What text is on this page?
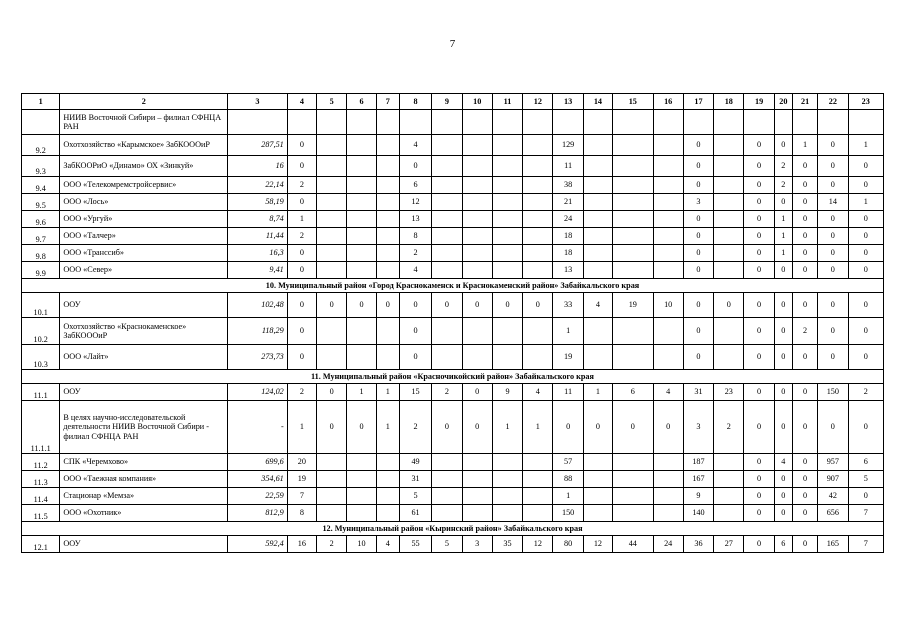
7
1	2	3	4	5	6	7	8	9	10	11	12	13	14	15	16	17	18	19	20	21	22	23
	НИИВ Восточной Сибири – филиал СФНЦА РАН																					
9.2	Охотхозяйство «Карымское» ЗабКОООиР	287,51	0				4					129				0		0	0	1	0	1
9.3	ЗабКООРиО «Динамо» ОХ «Зинкуй»	16	0				0					11				0		0	2	0	0	0
9.4	ООО «Телекомремстройсервис»	22,14	2				6					38				0		0	2	0	0	0
9.5	ООО «Лось»	58,19	0				12					21				3		0	0	0	14	1
9.6	ООО «Ургуй»	8,74	1				13					24				0		0	1	0	0	0
9.7	ООО «Талчер»	11,44	2				8					18				0		0	1	0	0	0
9.8	ООО «Транссиб»	16,3	0				2					18				0		0	1	0	0	0
9.9	ООО «Север»	9,41	0				4					13				0		0	0	0	0	0
10. Муниципальный район «Город Краснокаменск и Краснокаменский район» Забайкальского края																						
10.1	ООУ	102,48	0	0	0	0	0	0	0	0	0	33	4	19	10	0	0	0	0	0	0	0
10.2	Охотхозяйство «Краснокаменское» ЗабКОООиР	118,29	0				0					1				0		0	0	2	0	0
10.3	ООО «Лайт»	273,73	0				0					19				0		0	0	0	0	0
11. Муниципальный район «Красночикойский район» Забайкальского края																						
11.1	ООУ	124,02	2	0	1	1	15	2	0	9	4	11	1	6	4	31	23	0	0	0	150	2
11.1.1	В целях научно-исследовательской деятельности НИИВ Восточной Сибири - филиал СФНЦА РАН	-	1	0	0	1	2	0	0	1	1	0	0	0	0	3	2	0	0	0	0	0
11.2	СПК «Черемхово»	699,6	20				49					57				187		0	4	0	957	6
11.3	ООО «Таежная компания»	354,61	19				31					88				167		0	0	0	907	5
11.4	Стационар «Мемза»	22,59	7				5					1				9		0	0	0	42	0
11.5	ООО «Охотник»	812,9	8				61					150				140		0	0	0	656	7
12. Муниципальный район «Кыринский район» Забайкальского края																						
12.1	ООУ	592,4	16	2	10	4	55	5	3	35	12	80	12	44	24	36	27	0	6	0	165	7
